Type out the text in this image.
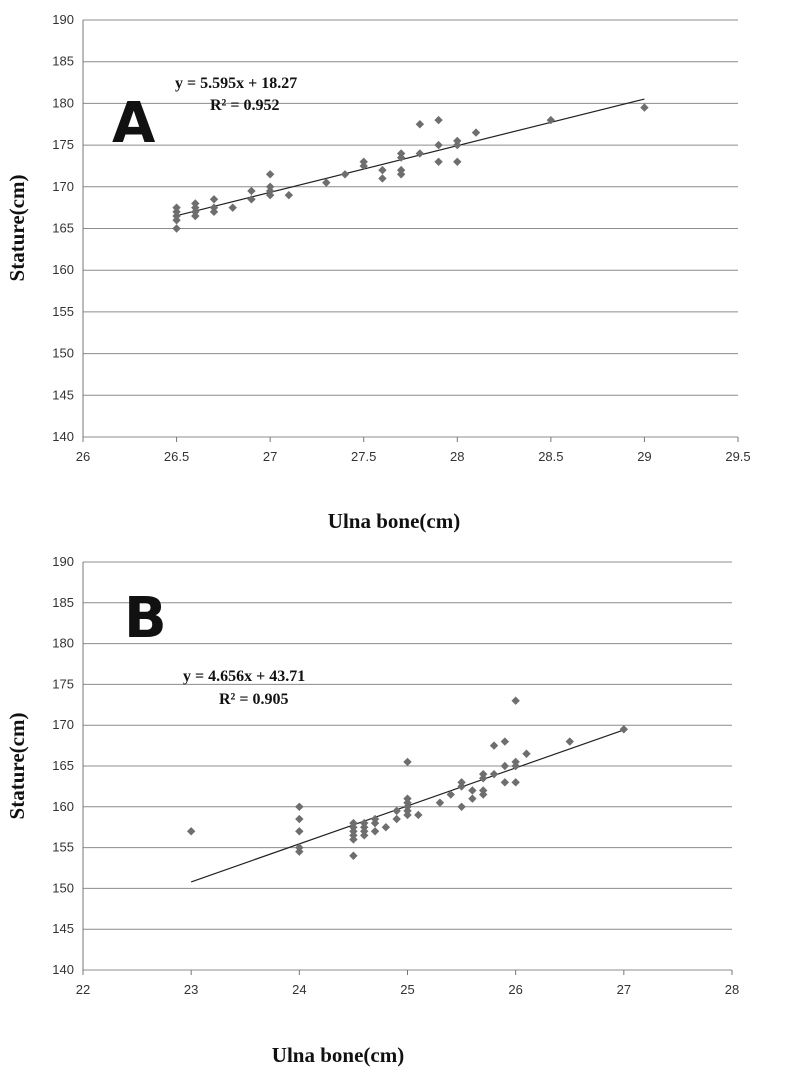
140
145
150
155
160
165
170
175
180
185
190
26	26.5	27	27.5	28	28.5	29	29.5
Ulna bone(cm)
Stature(cm)
y = 5.595x + 18.27
R² = 0.952
A
140
145
150
155
160
165
170
175
180
185
190
22	23	24	25	26	27	28
Ulna bone(cm)
Stature(cm)
y = 4.656x + 43.71
R² = 0.905
B
